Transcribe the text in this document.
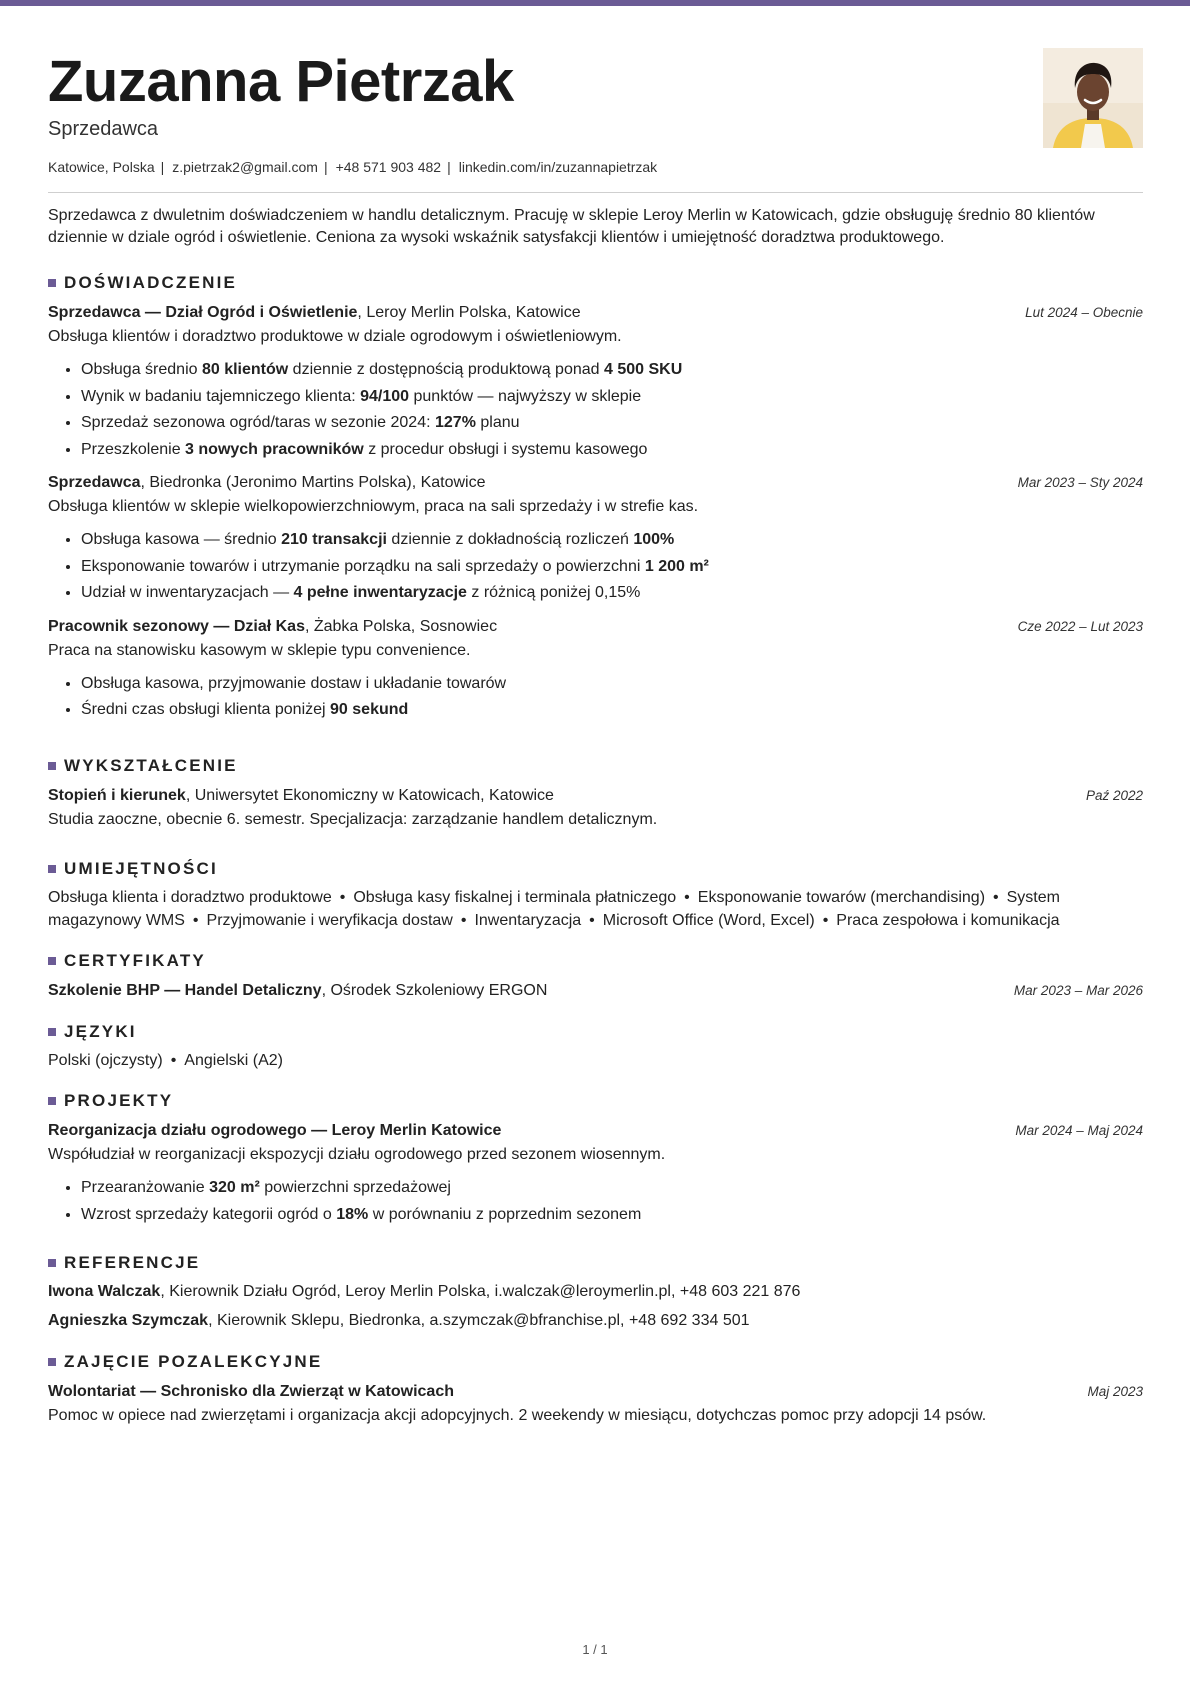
Zuzanna Pietrzak
Sprzedawca
Katowice, Polska | z.pietrzak2@gmail.com | +48 571 903 482 | linkedin.com/in/zuzannapietrzak

Sprzedawca z dwuletnim doświadczeniem w handlu detalicznym. Pracuję w sklepie Leroy Merlin w Katowicach, gdzie obsługuję średnio 80 klientów dziennie w dziale ogród i oświetlenie. Ceniona za wysoki wskaźnik satysfakcji klientów i umiejętność doradztwa produktowego.

DOŚWIADCZENIE
Sprzedawca — Dział Ogród i Oświetlenie, Leroy Merlin Polska, Katowice	Lut 2024 – Obecnie
Obsługa klientów i doradztwo produktowe w dziale ogrodowym i oświetleniowym.
• Obsługa średnio 80 klientów dziennie z dostępnością produktową ponad 4 500 SKU
• Wynik w badaniu tajemniczego klienta: 94/100 punktów — najwyższy w sklepie
• Sprzedaż sezonowa ogród/taras w sezonie 2024: 127% planu
• Przeszkolenie 3 nowych pracowników z procedur obsługi i systemu kasowego
Sprzedawca, Biedronka (Jeronimo Martins Polska), Katowice	Mar 2023 – Sty 2024
Obsługa klientów w sklepie wielkopowierzchniowym, praca na sali sprzedaży i w strefie kas.
• Obsługa kasowa — średnio 210 transakcji dziennie z dokładnością rozliczeń 100%
• Eksponowanie towarów i utrzymanie porządku na sali sprzedaży o powierzchni 1 200 m²
• Udział w inwentaryzacjach — 4 pełne inwentaryzacje z różnicą poniżej 0,15%
Pracownik sezonowy — Dział Kas, Żabka Polska, Sosnowiec	Cze 2022 – Lut 2023
Praca na stanowisku kasowym w sklepie typu convenience.
• Obsługa kasowa, przyjmowanie dostaw i układanie towarów
• Średni czas obsługi klienta poniżej 90 sekund
WYKSZTAŁCENIE
Stopień i kierunek, Uniwersytet Ekonomiczny w Katowicach, Katowice	Paź 2022
Studia zaoczne, obecnie 6. semestr. Specjalizacja: zarządzanie handlem detalicznym.
UMIEJĘTNOŚCI
Obsługa klienta i doradztwo produktowe • Obsługa kasy fiskalnej i terminala płatniczego • Eksponowanie towarów (merchandising) • System magazynowy WMS • Przyjmowanie i weryfikacja dostaw • Inwentaryzacja • Microsoft Office (Word, Excel) • Praca zespołowa i komunikacja
CERTYFIKATY
Szkolenie BHP — Handel Detaliczny, Ośrodek Szkoleniowy ERGON	Mar 2023 – Mar 2026
JĘZYKI
Polski (ojczysty) • Angielski (A2)
PROJEKTY
Reorganizacja działu ogrodowego — Leroy Merlin Katowice	Mar 2024 – Maj 2024
Współudział w reorganizacji ekspozycji działu ogrodowego przed sezonem wiosennym.
• Przearanżowanie 320 m² powierzchni sprzedażowej
• Wzrost sprzedaży kategorii ogród o 18% w porównaniu z poprzednim sezonem
REFERENCJE
Iwona Walczak, Kierownik Działu Ogród, Leroy Merlin Polska, i.walczak@leroymerlin.pl, +48 603 221 876
Agnieszka Szymczak, Kierownik Sklepu, Biedronka, a.szymczak@bfranchise.pl, +48 692 334 501
ZAJĘCIE POZALEKCYJNE
Wolontariat — Schronisko dla Zwierząt w Katowicach	Maj 2023
Pomoc w opiece nad zwierzętami i organizacja akcji adopcyjnych. 2 weekendy w miesiącu, dotychczas pomoc przy adopcji 14 psów.
1 / 1
